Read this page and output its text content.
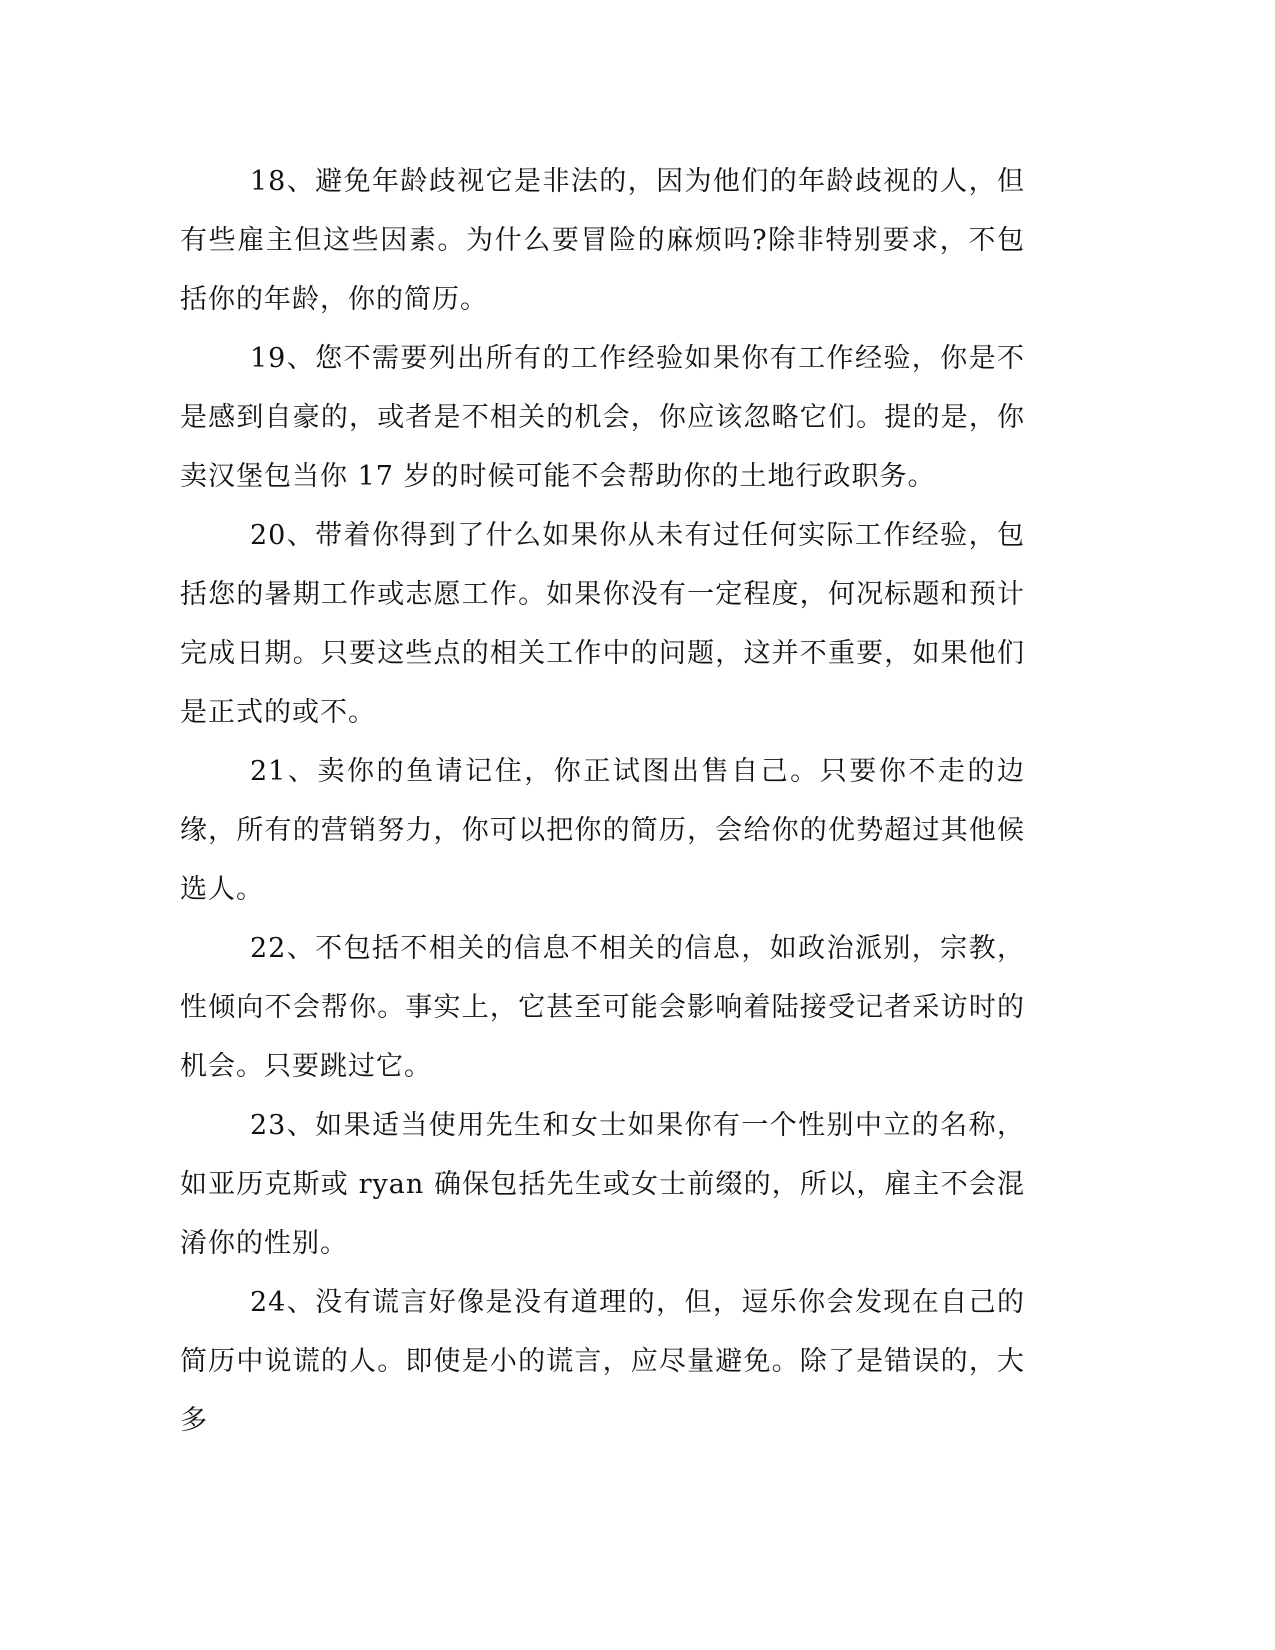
18、避免年龄歧视它是非法的，因为他们的年龄歧视的人，但有些雇主但这些因素。为什么要冒险的麻烦吗?除非特别要求，不包括你的年龄，你的简历。

19、您不需要列出所有的工作经验如果你有工作经验，你是不是感到自豪的，或者是不相关的机会，你应该忽略它们。提的是，你卖汉堡包当你 17 岁的时候可能不会帮助你的土地行政职务。

20、带着你得到了什么如果你从未有过任何实际工作经验，包括您的暑期工作或志愿工作。如果你没有一定程度，何况标题和预计完成日期。只要这些点的相关工作中的问题，这并不重要，如果他们是正式的或不。

21、卖你的鱼请记住，你正试图出售自己。只要你不走的边缘，所有的营销努力，你可以把你的简历，会给你的优势超过其他候选人。

22、不包括不相关的信息不相关的信息，如政治派别，宗教，性倾向不会帮你。事实上，它甚至可能会影响着陆接受记者采访时的机会。只要跳过它。

23、如果适当使用先生和女士如果你有一个性别中立的名称，如亚历克斯或 ryan 确保包括先生或女士前缀的，所以，雇主不会混淆你的性别。

24、没有谎言好像是没有道理的，但，逗乐你会发现在自己的简历中说谎的人。即使是小的谎言，应尽量避免。除了是错误的，大多
